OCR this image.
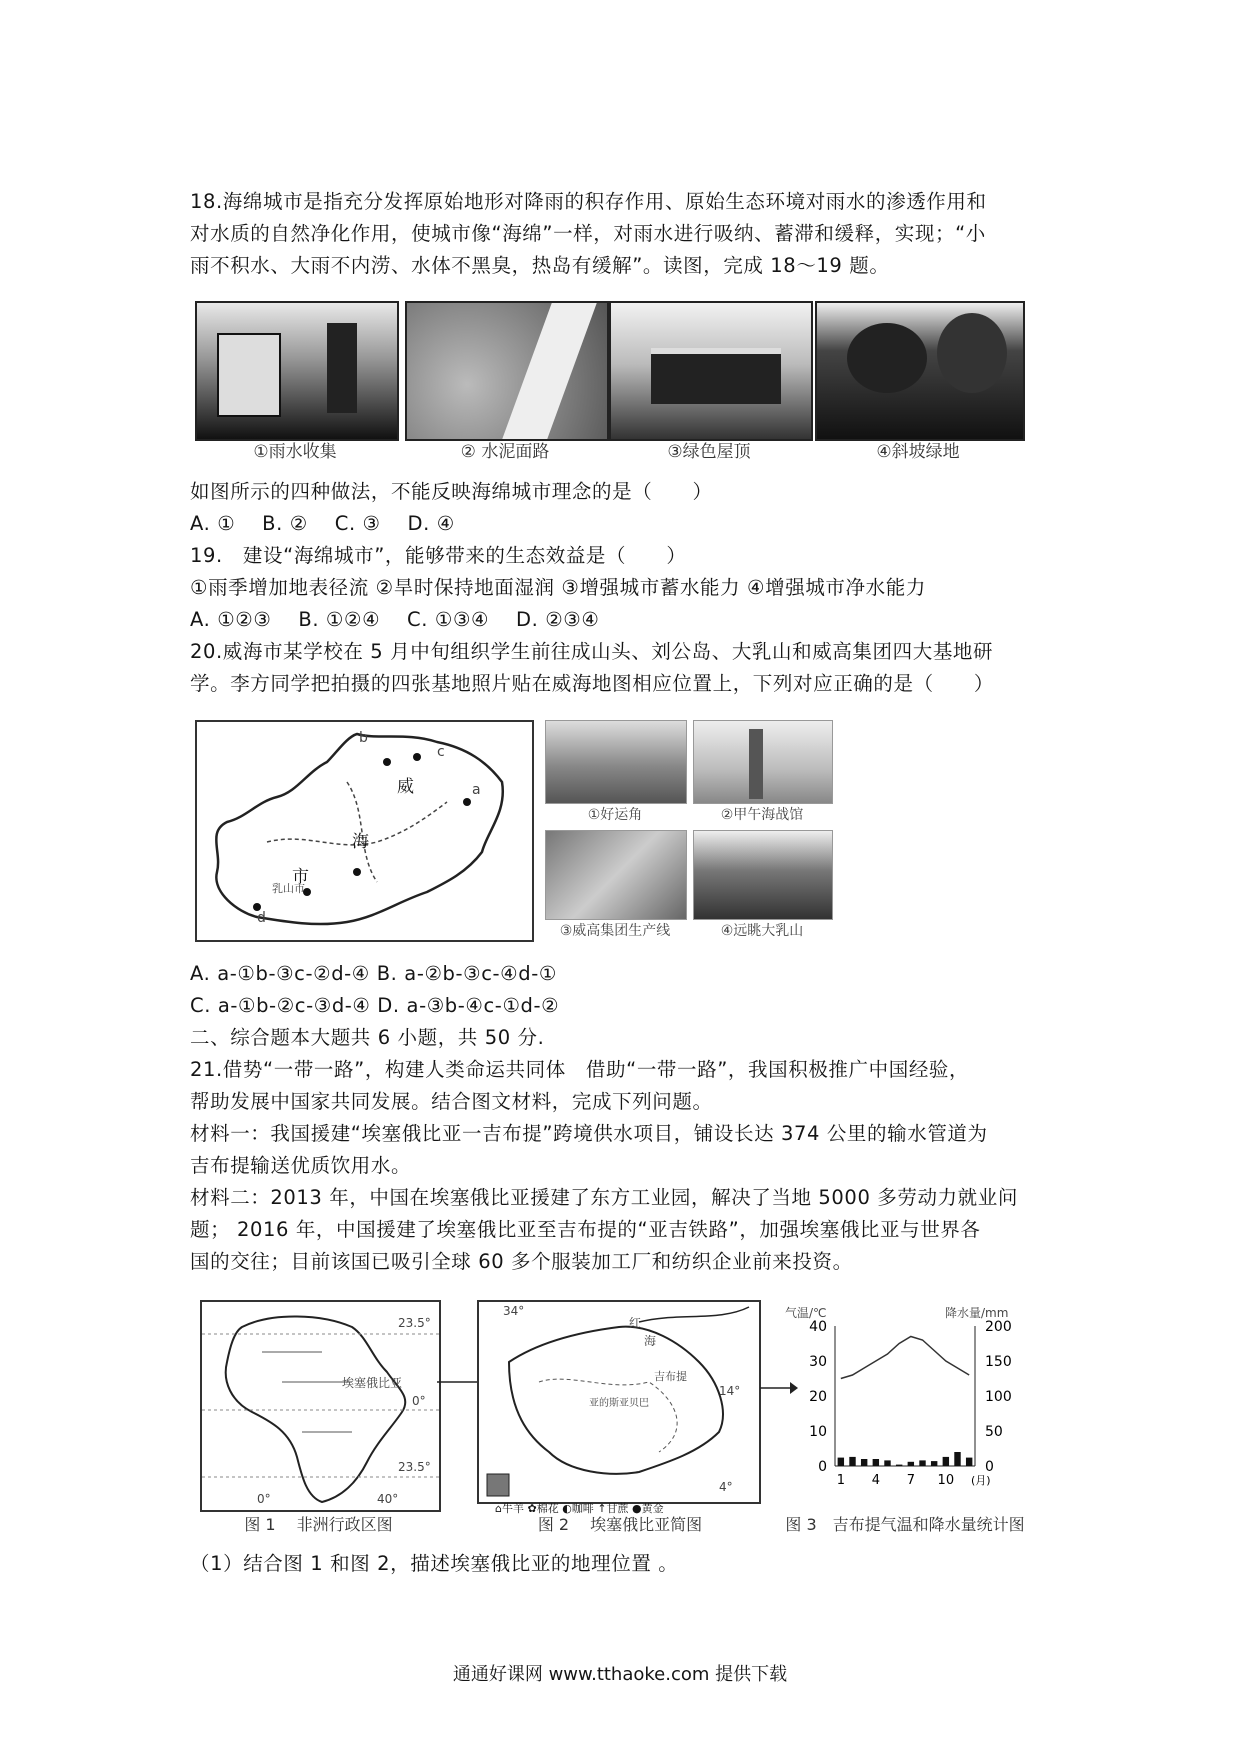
18.海绵城市是指充分发挥原始地形对降雨的积存作用、原始生态环境对雨水的渗透作用和
对水质的自然净化作用，使城市像“海绵”一样，对雨水进行吸纳、蓄滞和缓释，实现；“小
雨不积水、大雨不内涝、水体不黑臭，热岛有缓解”。读图，完成 18～19 题。
①雨水收集	② 水泥面路	③绿色屋顶	④斜坡绿地
如图所示的四种做法，不能反映海绵城市理念的是（　　）
A. ①　 B. ②　 C. ③　 D. ④
19.　建设“海绵城市”，能够带来的生态效益是（　　）
①雨季增加地表径流 ②旱时保持地面湿润 ③增强城市蓄水能力 ④增强城市净水能力
A. ①②③　 B. ①②④　 C. ①③④　 D. ②③④
20.威海市某学校在 5 月中旬组织学生前往成山头、刘公岛、大乳山和威高集团四大基地研
学。李方同学把拍摄的四张基地照片贴在威海地图相应位置上，下列对应正确的是（　　）
a
b
c
d
威
海
市
乳山市
①好运角	②甲午海战馆
③威高集团生产线	④远眺大乳山
A. a-①b-③c-②d-④ B. a-②b-③c-④d-①
C. a-①b-②c-③d-④ D. a-③b-④c-①d-②
二、综合题本大题共 6 小题，共 50 分.
21.借势“一带一路”，构建人类命运共同体　借助“一带一路”，我国积极推广中国经验，
帮助发展中国家共同发展。结合图文材料，完成下列问题。
材料一：我国援建“埃塞俄比亚一吉布提”跨境供水项目，铺设长达 374 公里的输水管道为
吉布提输送优质饮用水。
材料二：2013 年，中国在埃塞俄比亚援建了东方工业园，解决了当地 5000 多劳动力就业问
题； 2016 年，中国援建了埃塞俄比亚至吉布提的“亚吉铁路”，加强埃塞俄比亚与世界各
国的交往；目前该国已吸引全球 60 多个服装加工厂和纺织企业前来投资。
23.5°
埃塞俄比亚
0°
23.5°
0°	40°
图 1　 非洲行政区图
34°
14°
4°
红
海
吉布提
亚的斯亚贝巴
⌂牛羊 ✿棉花 ◐咖啡 ↑甘蔗 ●黄金
图 2　 埃塞俄比亚简图
气温/℃	降水量/mm
40
30
20
10
0
200
150
100
50
0
1 4 7 10 (月)
图 3　吉布提气温和降水量统计图
（1）结合图 1 和图 2，描述埃塞俄比亚的地理位置 。
通通好课网 www.tthaoke.com 提供下载
